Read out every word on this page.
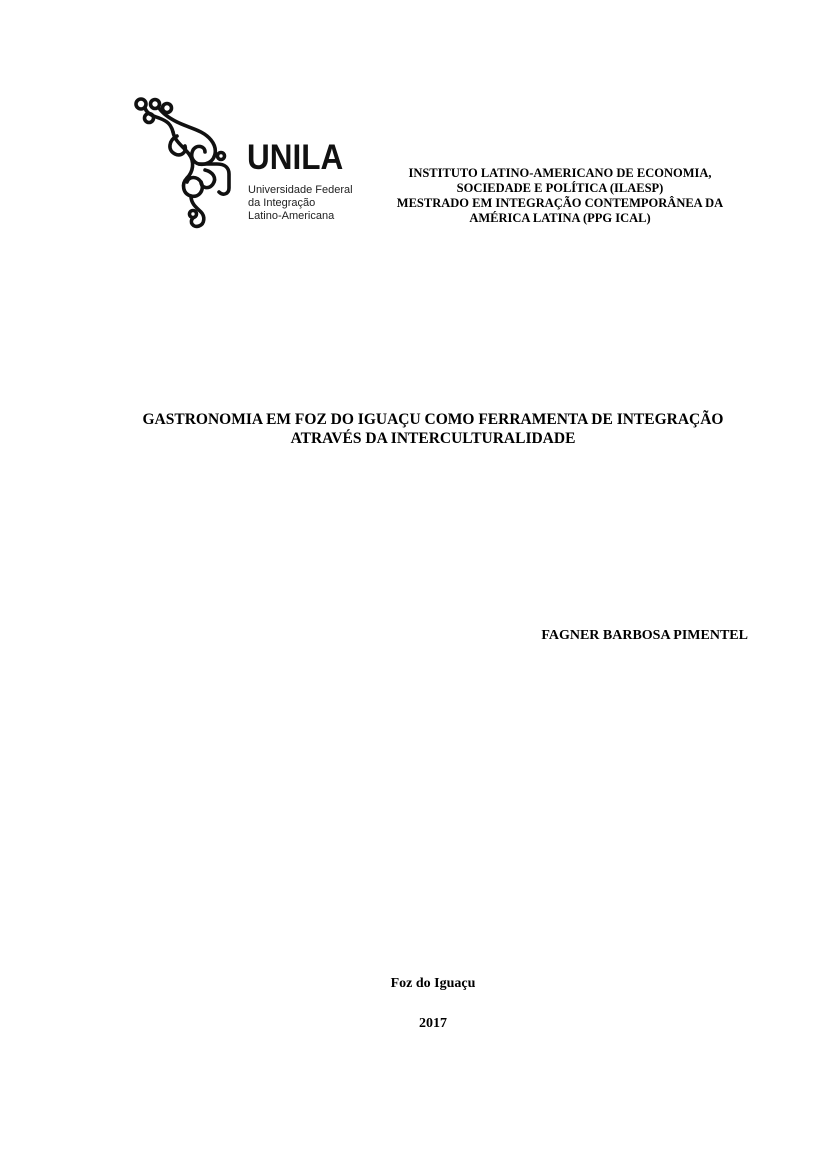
UNILA
Universidade Federal
da Integração
Latino-Americana
INSTITUTO LATINO-AMERICANO DE ECONOMIA,
SOCIEDADE E POLÍTICA (ILAESP)
MESTRADO EM INTEGRAÇÃO CONTEMPORÂNEA DA
AMÉRICA LATINA (PPG ICAL)
GASTRONOMIA EM FOZ DO IGUAÇU COMO FERRAMENTA DE INTEGRAÇÃO
ATRAVÉS DA INTERCULTURALIDADE
FAGNER BARBOSA PIMENTEL
Foz do Iguaçu
2017
